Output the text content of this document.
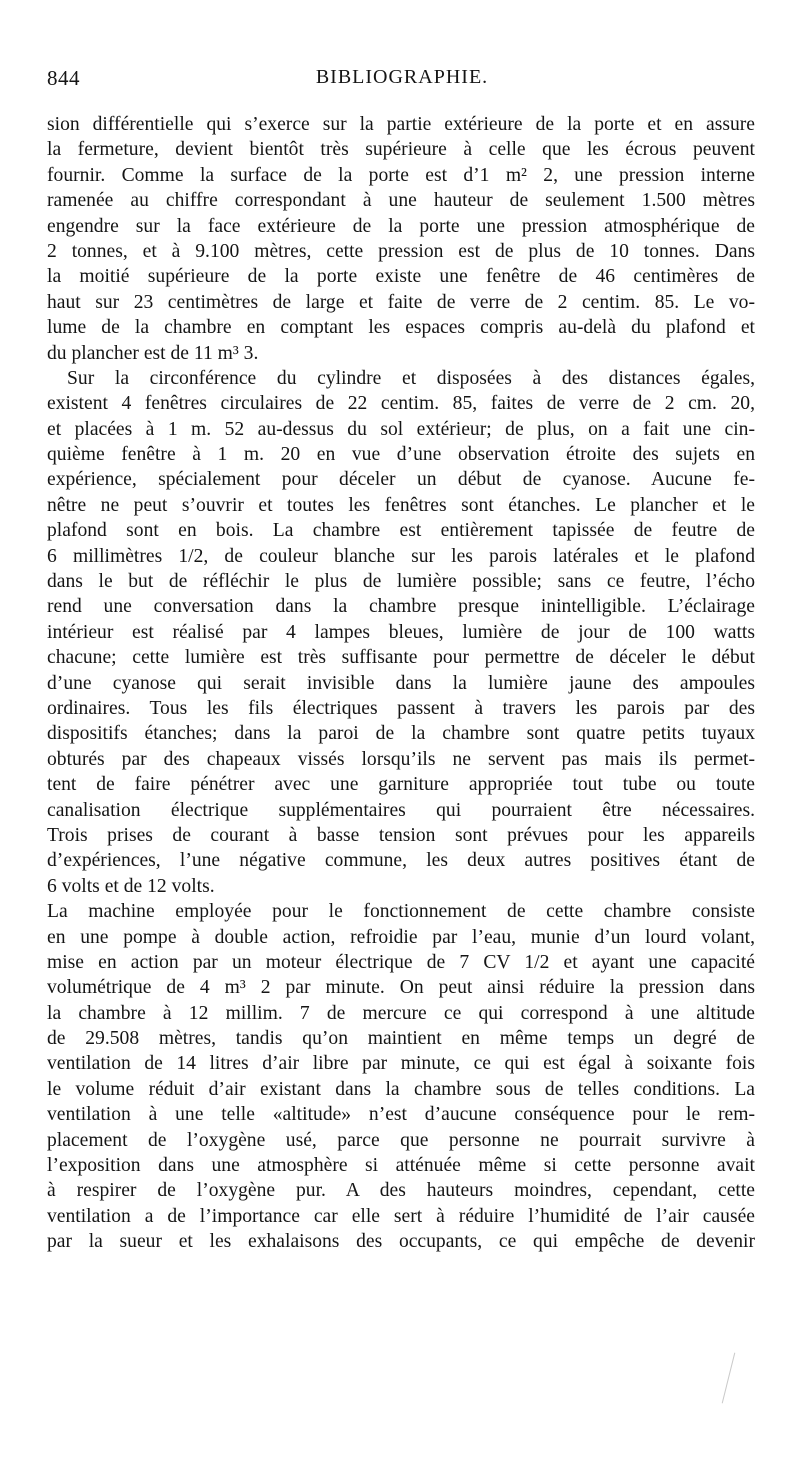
844	BIBLIOGRAPHIE.
sion différentielle qui s’exerce sur la partie extérieure de la porte et en assure
la fermeture, devient bientôt très supérieure à celle que les écrous peuvent
fournir. Comme la surface de la porte est d’1 m² 2, une pression interne
ramenée au chiffre correspondant à une hauteur de seulement 1.500 mètres
engendre sur la face extérieure de la porte une pression atmosphérique de
2 tonnes, et à 9.100 mètres, cette pression est de plus de 10 tonnes. Dans
la moitié supérieure de la porte existe une fenêtre de 46 centimères de
haut sur 23 centimètres de large et faite de verre de 2 centim. 85. Le vo-
lume de la chambre en comptant les espaces compris au-delà du plafond et
du plancher est de 11 m³ 3.
Sur la circonférence du cylindre et disposées à des distances égales,
existent 4 fenêtres circulaires de 22 centim. 85, faites de verre de 2 cm. 20,
et placées à 1 m. 52 au-dessus du sol extérieur; de plus, on a fait une cin-
quième fenêtre à 1 m. 20 en vue d’une observation étroite des sujets en
expérience, spécialement pour déceler un début de cyanose. Aucune fe-
nêtre ne peut s’ouvrir et toutes les fenêtres sont étanches. Le plancher et le
plafond sont en bois. La chambre est entièrement tapissée de feutre de
6 millimètres 1/2, de couleur blanche sur les parois latérales et le plafond
dans le but de réfléchir le plus de lumière possible; sans ce feutre, l’écho
rend une conversation dans la chambre presque inintelligible. L’éclairage
intérieur est réalisé par 4 lampes bleues, lumière de jour de 100 watts
chacune; cette lumière est très suffisante pour permettre de déceler le début
d’une cyanose qui serait invisible dans la lumière jaune des ampoules
ordinaires. Tous les fils électriques passent à travers les parois par des
dispositifs étanches; dans la paroi de la chambre sont quatre petits tuyaux
obturés par des chapeaux vissés lorsqu’ils ne servent pas mais ils permet-
tent de faire pénétrer avec une garniture appropriée tout tube ou toute
canalisation électrique supplémentaires qui pourraient être nécessaires.
Trois prises de courant à basse tension sont prévues pour les appareils
d’expériences, l’une négative commune, les deux autres positives étant de
6 volts et de 12 volts.
La machine employée pour le fonctionnement de cette chambre consiste
en une pompe à double action, refroidie par l’eau, munie d’un lourd volant,
mise en action par un moteur électrique de 7 CV 1/2 et ayant une capacité
volumétrique de 4 m³ 2 par minute. On peut ainsi réduire la pression dans
la chambre à 12 millim. 7 de mercure ce qui correspond à une altitude
de 29.508 mètres, tandis qu’on maintient en même temps un degré de
ventilation de 14 litres d’air libre par minute, ce qui est égal à soixante fois
le volume réduit d’air existant dans la chambre sous de telles conditions. La
ventilation à une telle «altitude» n’est d’aucune conséquence pour le rem-
placement de l’oxygène usé, parce que personne ne pourrait survivre à
l’exposition dans une atmosphère si atténuée même si cette personne avait
à respirer de l’oxygène pur. A des hauteurs moindres, cependant, cette
ventilation a de l’importance car elle sert à réduire l’humidité de l’air causée
par la sueur et les exhalaisons des occupants, ce qui empêche de devenir
